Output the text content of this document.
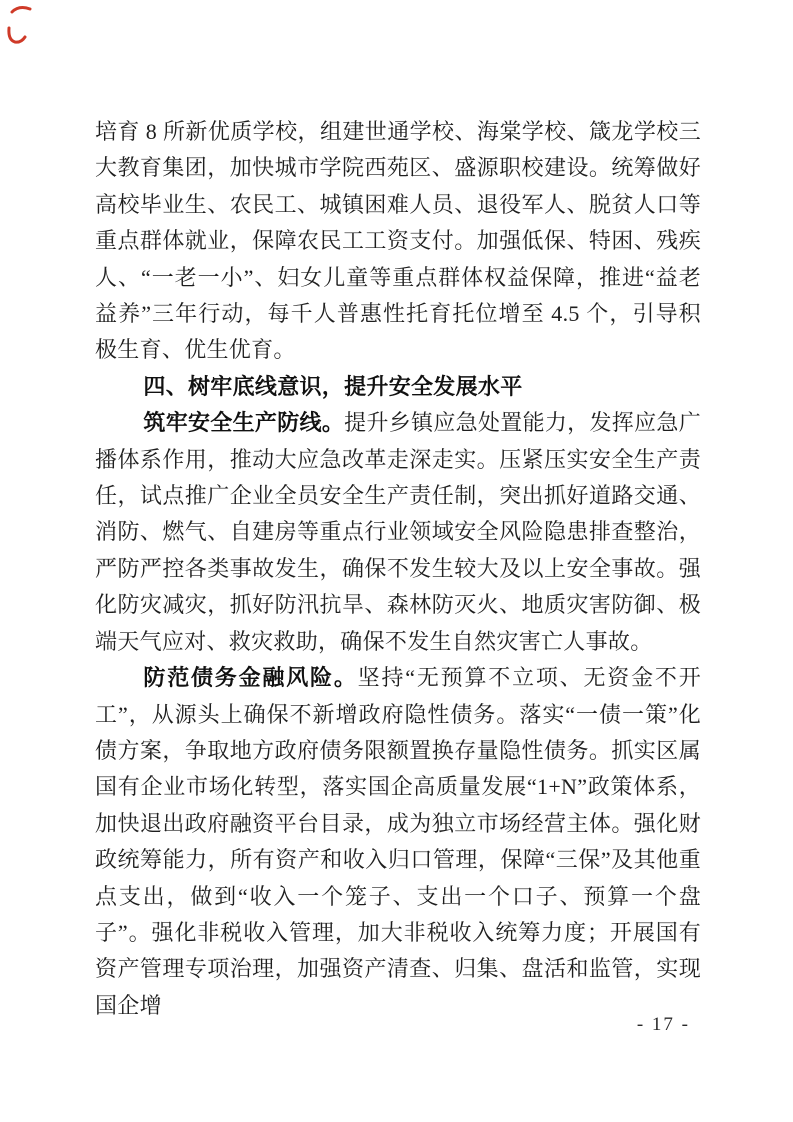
培育 8 所新优质学校，组建世通学校、海棠学校、箴龙学校三大教育集团，加快城市学院西苑区、盛源职校建设。统筹做好高校毕业生、农民工、城镇困难人员、退役军人、脱贫人口等重点群体就业，保障农民工工资支付。加强低保、特困、残疾人、“一老一小”、妇女儿童等重点群体权益保障，推进“益老益养”三年行动，每千人普惠性托育托位增至 4.5 个，引导积极生育、优生优育。

四、树牢底线意识，提升安全发展水平

筑牢安全生产防线。提升乡镇应急处置能力，发挥应急广播体系作用，推动大应急改革走深走实。压紧压实安全生产责任，试点推广企业全员安全生产责任制，突出抓好道路交通、消防、燃气、自建房等重点行业领域安全风险隐患排查整治，严防严控各类事故发生，确保不发生较大及以上安全事故。强化防灾减灾，抓好防汛抗旱、森林防灭火、地质灾害防御、极端天气应对、救灾救助，确保不发生自然灾害亡人事故。

防范债务金融风险。坚持“无预算不立项、无资金不开工”，从源头上确保不新增政府隐性债务。落实“一债一策”化债方案，争取地方政府债务限额置换存量隐性债务。抓实区属国有企业市场化转型，落实国企高质量发展“1+N”政策体系，加快退出政府融资平台目录，成为独立市场经营主体。强化财政统筹能力，所有资产和收入归口管理，保障“三保”及其他重点支出，做到“收入一个笼子、支出一个口子、预算一个盘子”。强化非税收入管理，加大非税收入统筹力度；开展国有资产管理专项治理，加强资产清查、归集、盘活和监管，实现国企增

- 17 -
